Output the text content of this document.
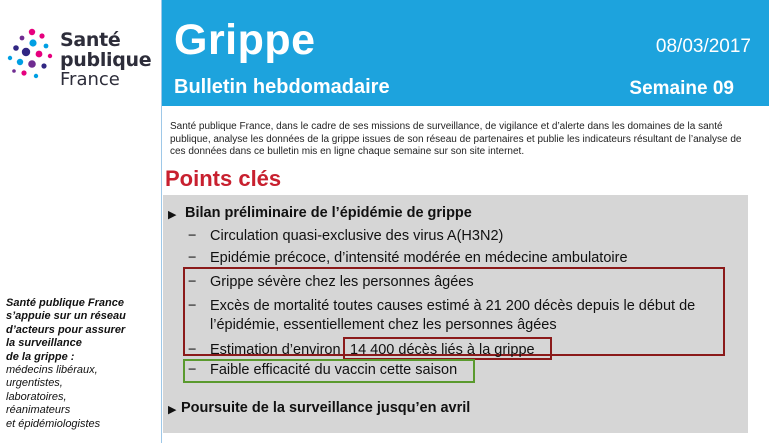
Santé
publique
France
Santé publique France
s’appuie sur un réseau
d’acteurs pour assurer
la surveillance
de la grippe :
médecins libéraux,
urgentistes,
laboratoires,
réanimateurs
et épidémiologistes
Grippe
Bulletin hebdomadaire
08/03/2017
Semaine 09
Santé publique France, dans le cadre de ses missions de surveillance, de vigilance et d’alerte dans les domaines de la santé publique, analyse les données de la grippe issues de son réseau de partenaires et publie les indicateurs résultant de l’analyse de ces données dans ce bulletin mis en ligne chaque semaine sur son site internet.
Points clés
▶ Bilan préliminaire de l’épidémie de grippe
− Circulation quasi-exclusive des virus A(H3N2)
− Epidémie précoce, d’intensité modérée en médecine ambulatoire
− Grippe sévère chez les personnes âgées
− Excès de mortalité toutes causes estimé à 21 200 décès depuis le début de
l’épidémie, essentiellement chez les personnes âgées
− Estimation d’environ 14 400 décès liés à la grippe
− Faible efficacité du vaccin cette saison
▶ Poursuite de la surveillance jusqu’en avril
